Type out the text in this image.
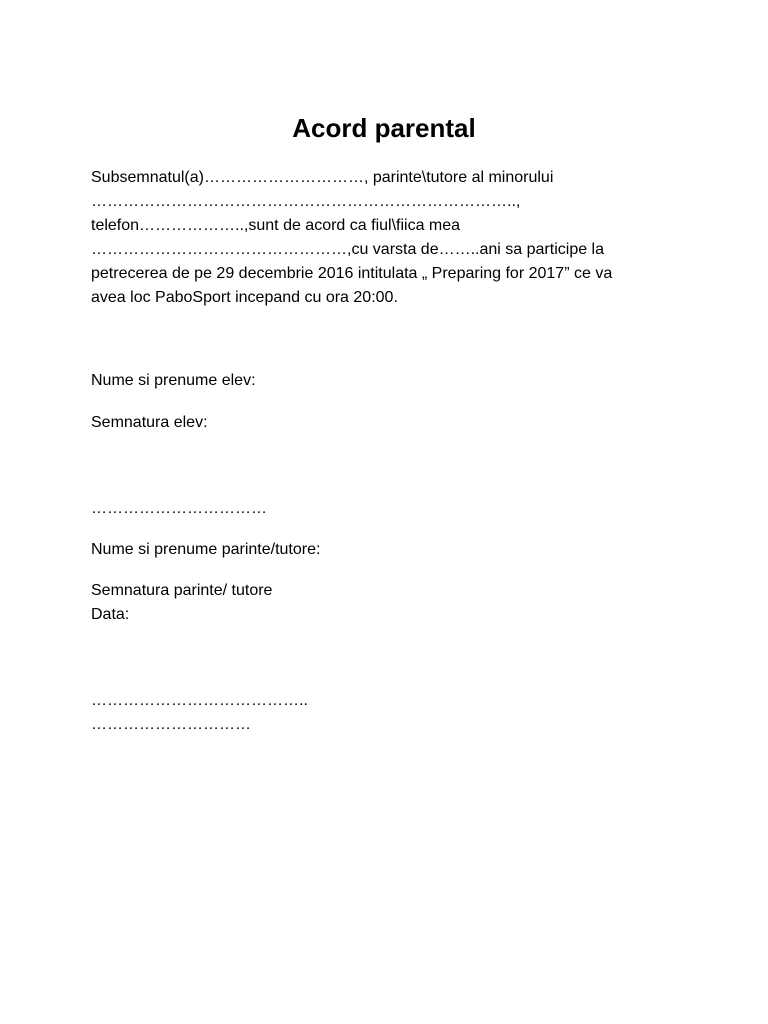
Acord parental
Subsemnatul(a)…………………………, parinte\tutore al minorului
……………………………………………………………………..,
telefon………………..,sunt de acord ca fiul\fiica mea
…………………………………………,cu varsta de……..ani sa participe la
petrecerea de pe 29 decembrie 2016 intitulata „ Preparing for 2017” ce va
avea loc PaboSport incepand cu ora 20:00.
Nume si prenume elev:
Semnatura elev:
……………………………
Nume si prenume parinte/tutore:
Semnatura parinte/ tutore
Data:
…………………………………..
…………………………
